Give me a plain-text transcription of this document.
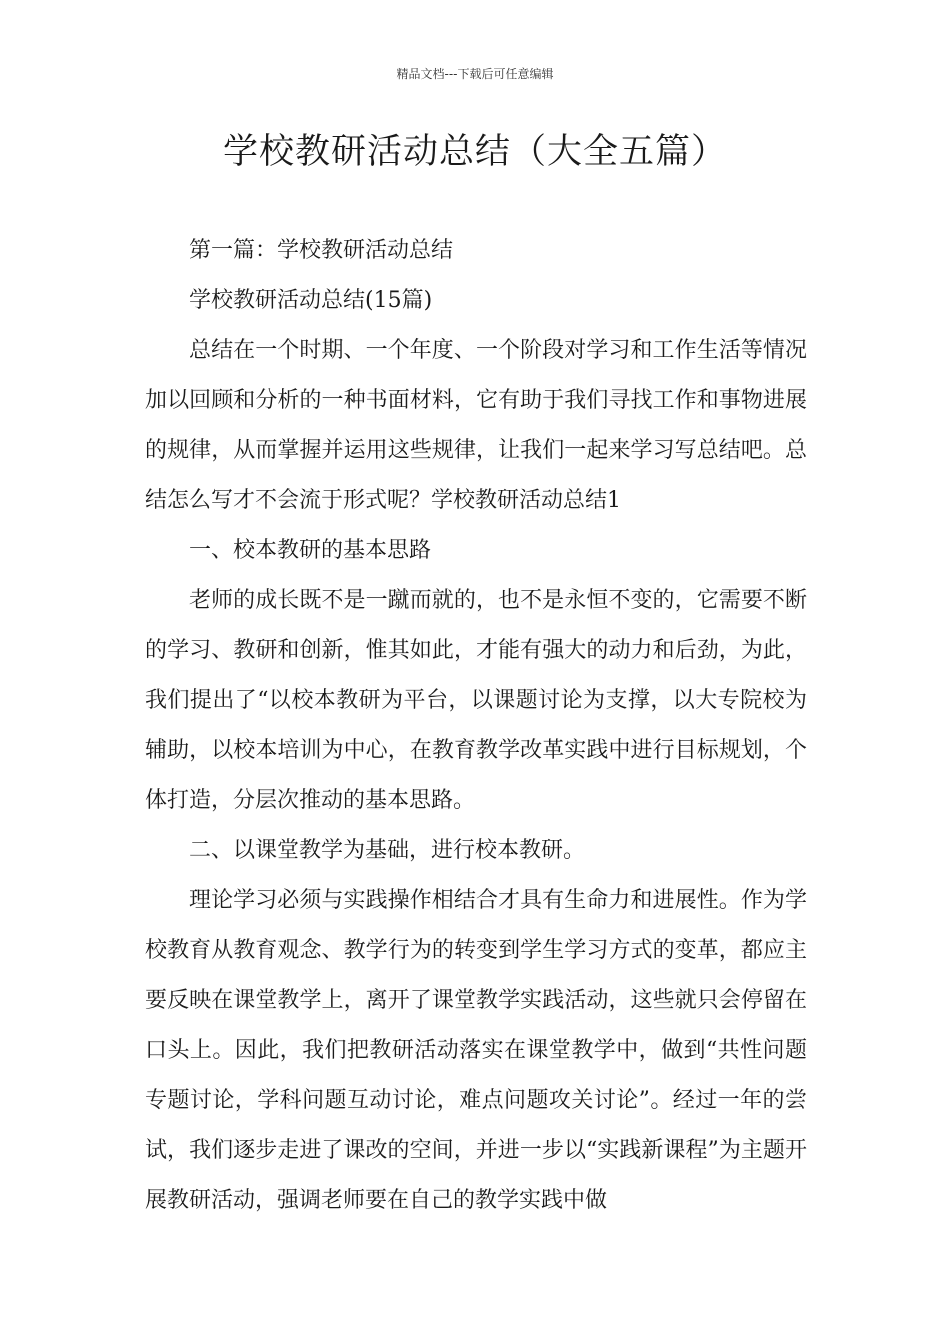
精品文档---下载后可任意编辑
学校教研活动总结（大全五篇）

第一篇：学校教研活动总结

学校教研活动总结(15篇)

总结在一个时期、一个年度、一个阶段对学习和工作生活等情况加以回顾和分析的一种书面材料，它有助于我们寻找工作和事物进展的规律，从而掌握并运用这些规律，让我们一起来学习写总结吧。总结怎么写才不会流于形式呢？学校教研活动总结1

一、校本教研的基本思路

老师的成长既不是一蹴而就的，也不是永恒不变的，它需要不断的学习、教研和创新，惟其如此，才能有强大的动力和后劲，为此，我们提出了“以校本教研为平台，以课题讨论为支撑，以大专院校为辅助，以校本培训为中心，在教育教学改革实践中进行目标规划，个体打造，分层次推动的基本思路。

二、以课堂教学为基础，进行校本教研。

理论学习必须与实践操作相结合才具有生命力和进展性。作为学校教育从教育观念、教学行为的转变到学生学习方式的变革，都应主要反映在课堂教学上，离开了课堂教学实践活动，这些就只会停留在口头上。因此，我们把教研活动落实在课堂教学中，做到“共性问题专题讨论，学科问题互动讨论，难点问题攻关讨论”。经过一年的尝试，我们逐步走进了课改的空间，并进一步以“实践新课程”为主题开展教研活动，强调老师要在自己的教学实践中做
